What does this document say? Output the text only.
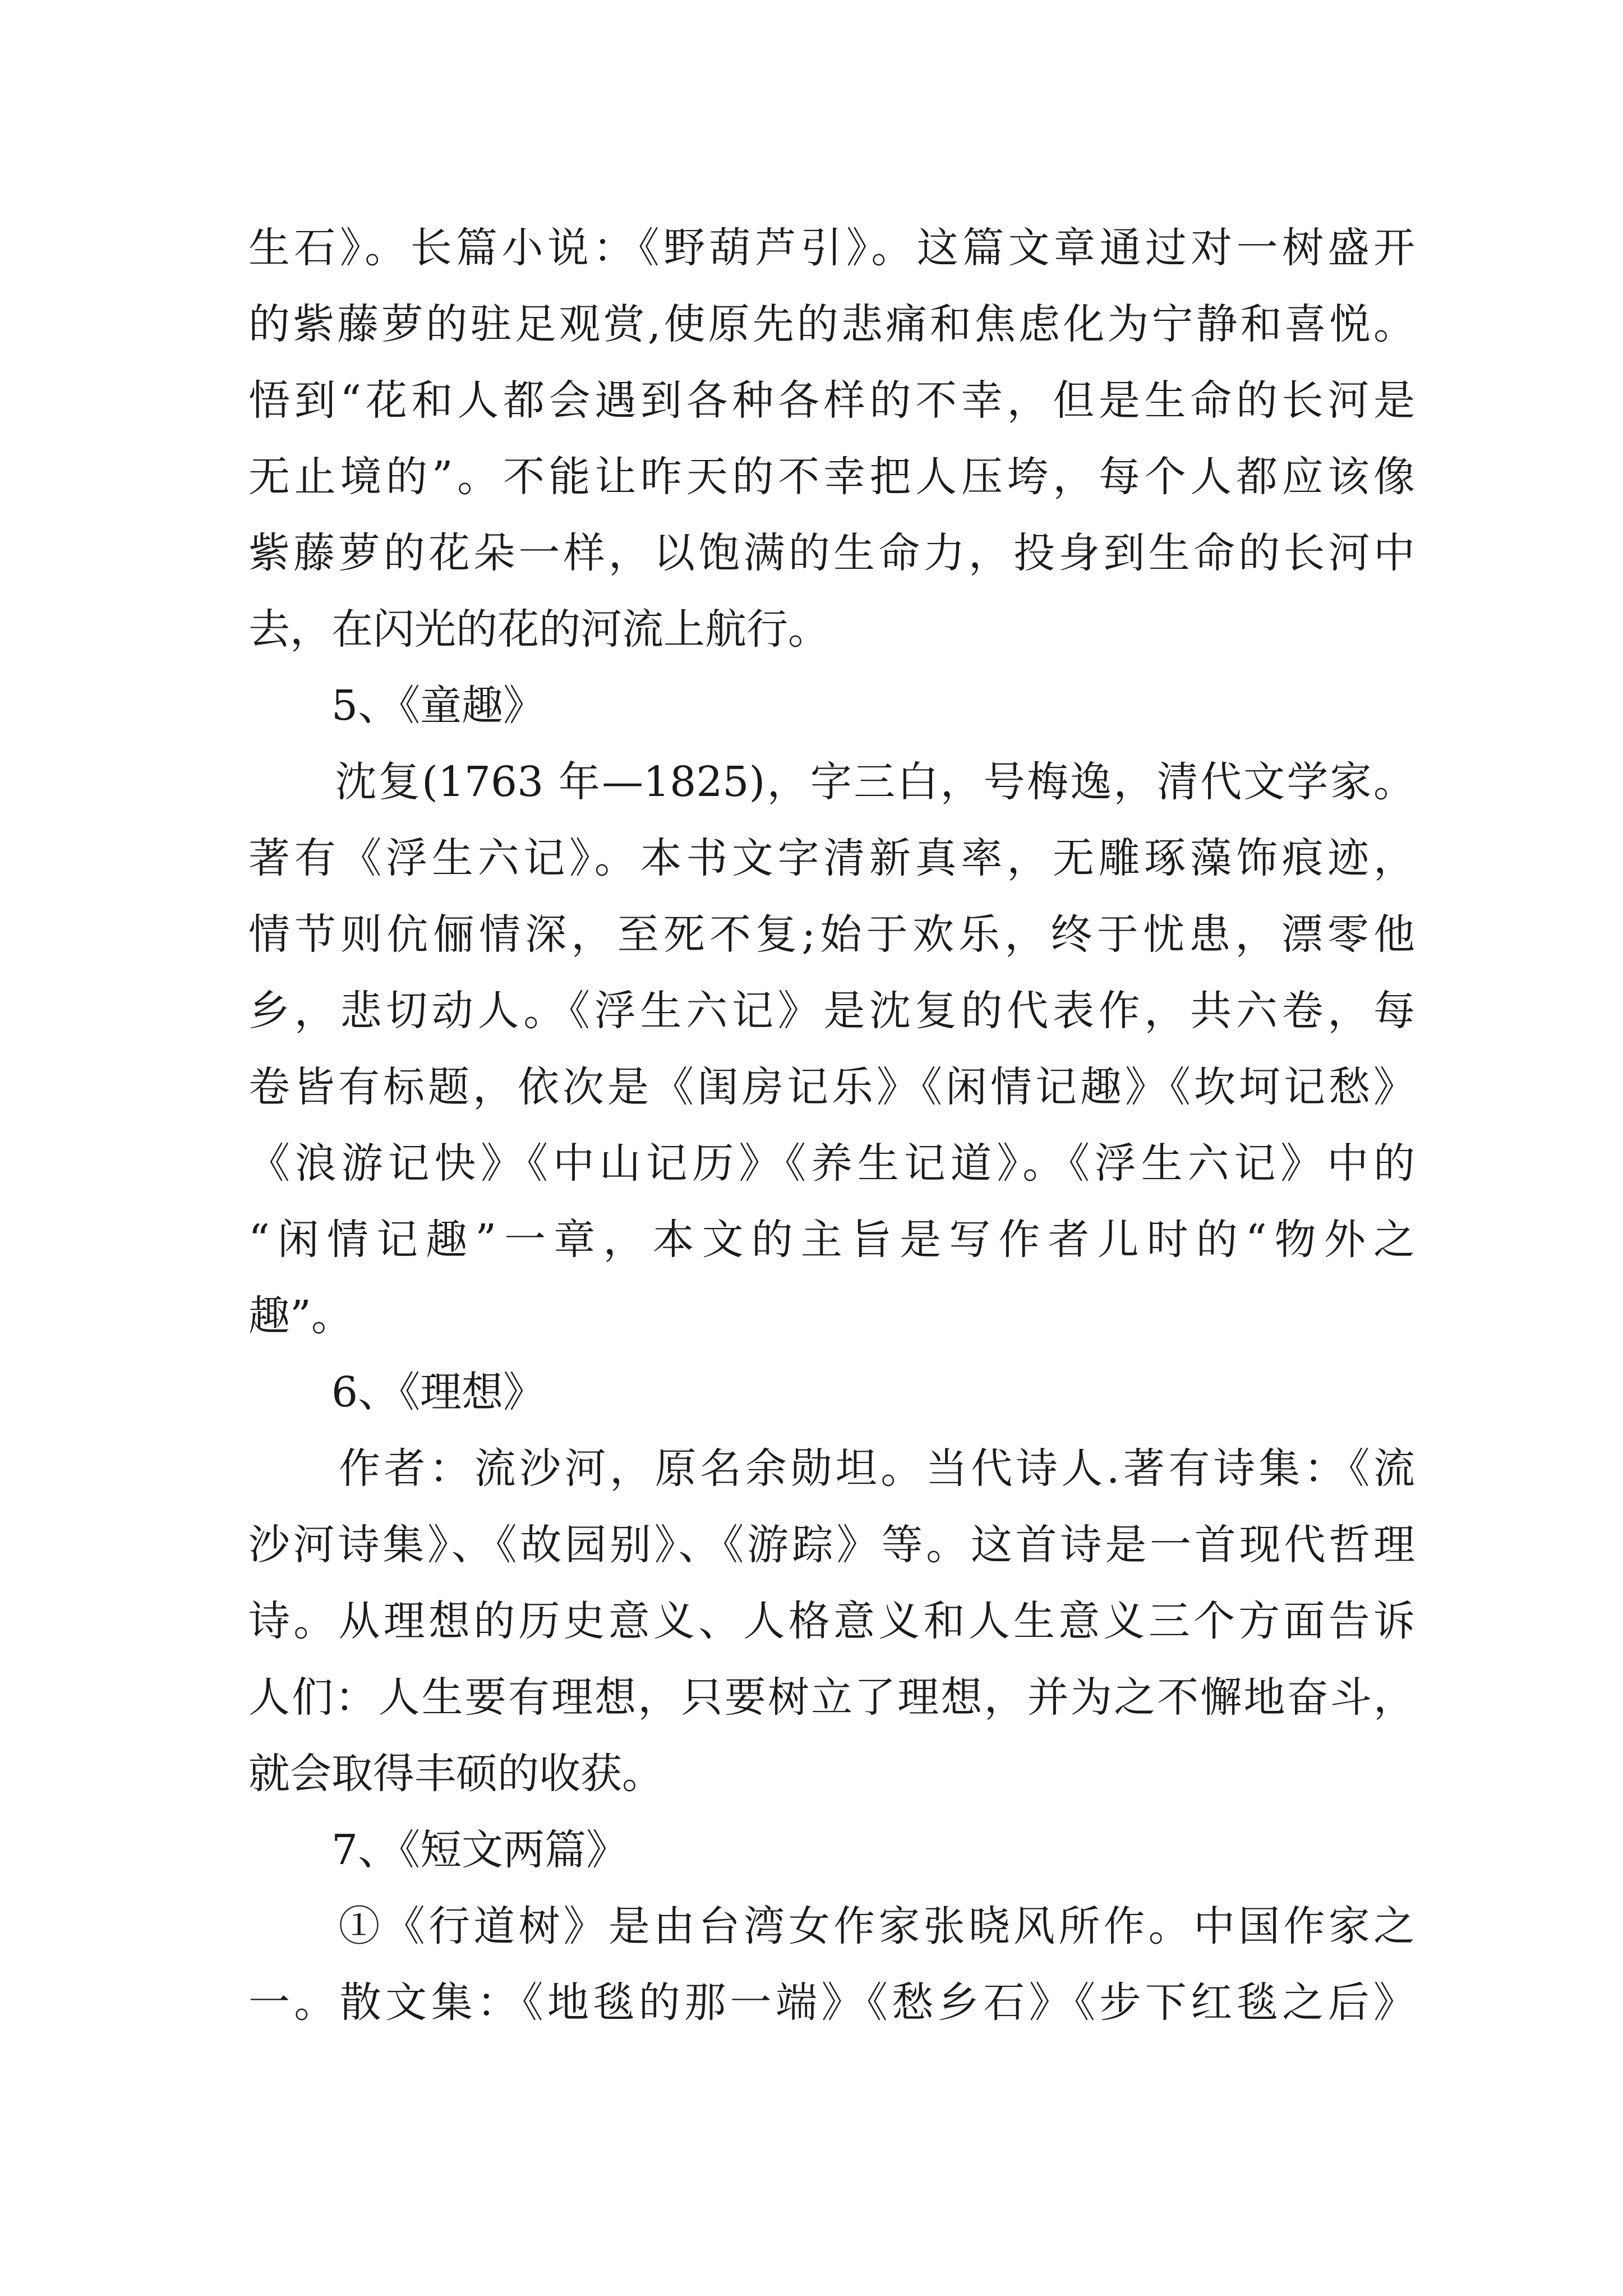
生石》。长篇小说：《野葫芦引》。这篇文章通过对一树盛开
的紫藤萝的驻足观赏,使原先的悲痛和焦虑化为宁静和喜悦。
悟到“花和人都会遇到各种各样的不幸，但是生命的长河是
无止境的”。不能让昨天的不幸把人压垮，每个人都应该像
紫藤萝的花朵一样，以饱满的生命力，投身到生命的长河中
去，在闪光的花的河流上航行。
5、《童趣》
　　沈复(1763 年—1825)，字三白，号梅逸，清代文学家。
著有《浮生六记》。本书文字清新真率，无雕琢藻饰痕迹，
情节则伉俪情深，至死不复;始于欢乐，终于忧患，漂零他
乡，悲切动人。《浮生六记》是沈复的代表作，共六卷，每
卷皆有标题，依次是《闺房记乐》《闲情记趣》《坎坷记愁》
《浪游记快》《中山记历》《养生记道》。《浮生六记》中的
“闲情记趣”一章，本文的主旨是写作者儿时的“物外之
趣”。
6、《理想》
　　作者：流沙河，原名余勋坦。当代诗人.著有诗集：《流
沙河诗集》、《故园别》、《游踪》等。这首诗是一首现代哲理
诗。从理想的历史意义、人格意义和人生意义三个方面告诉
人们：人生要有理想，只要树立了理想，并为之不懈地奋斗，
就会取得丰硕的收获。
7、《短文两篇》
　　①《行道树》是由台湾女作家张晓风所作。中国作家之
一。散文集：《地毯的那一端》《愁乡石》《步下红毯之后》
